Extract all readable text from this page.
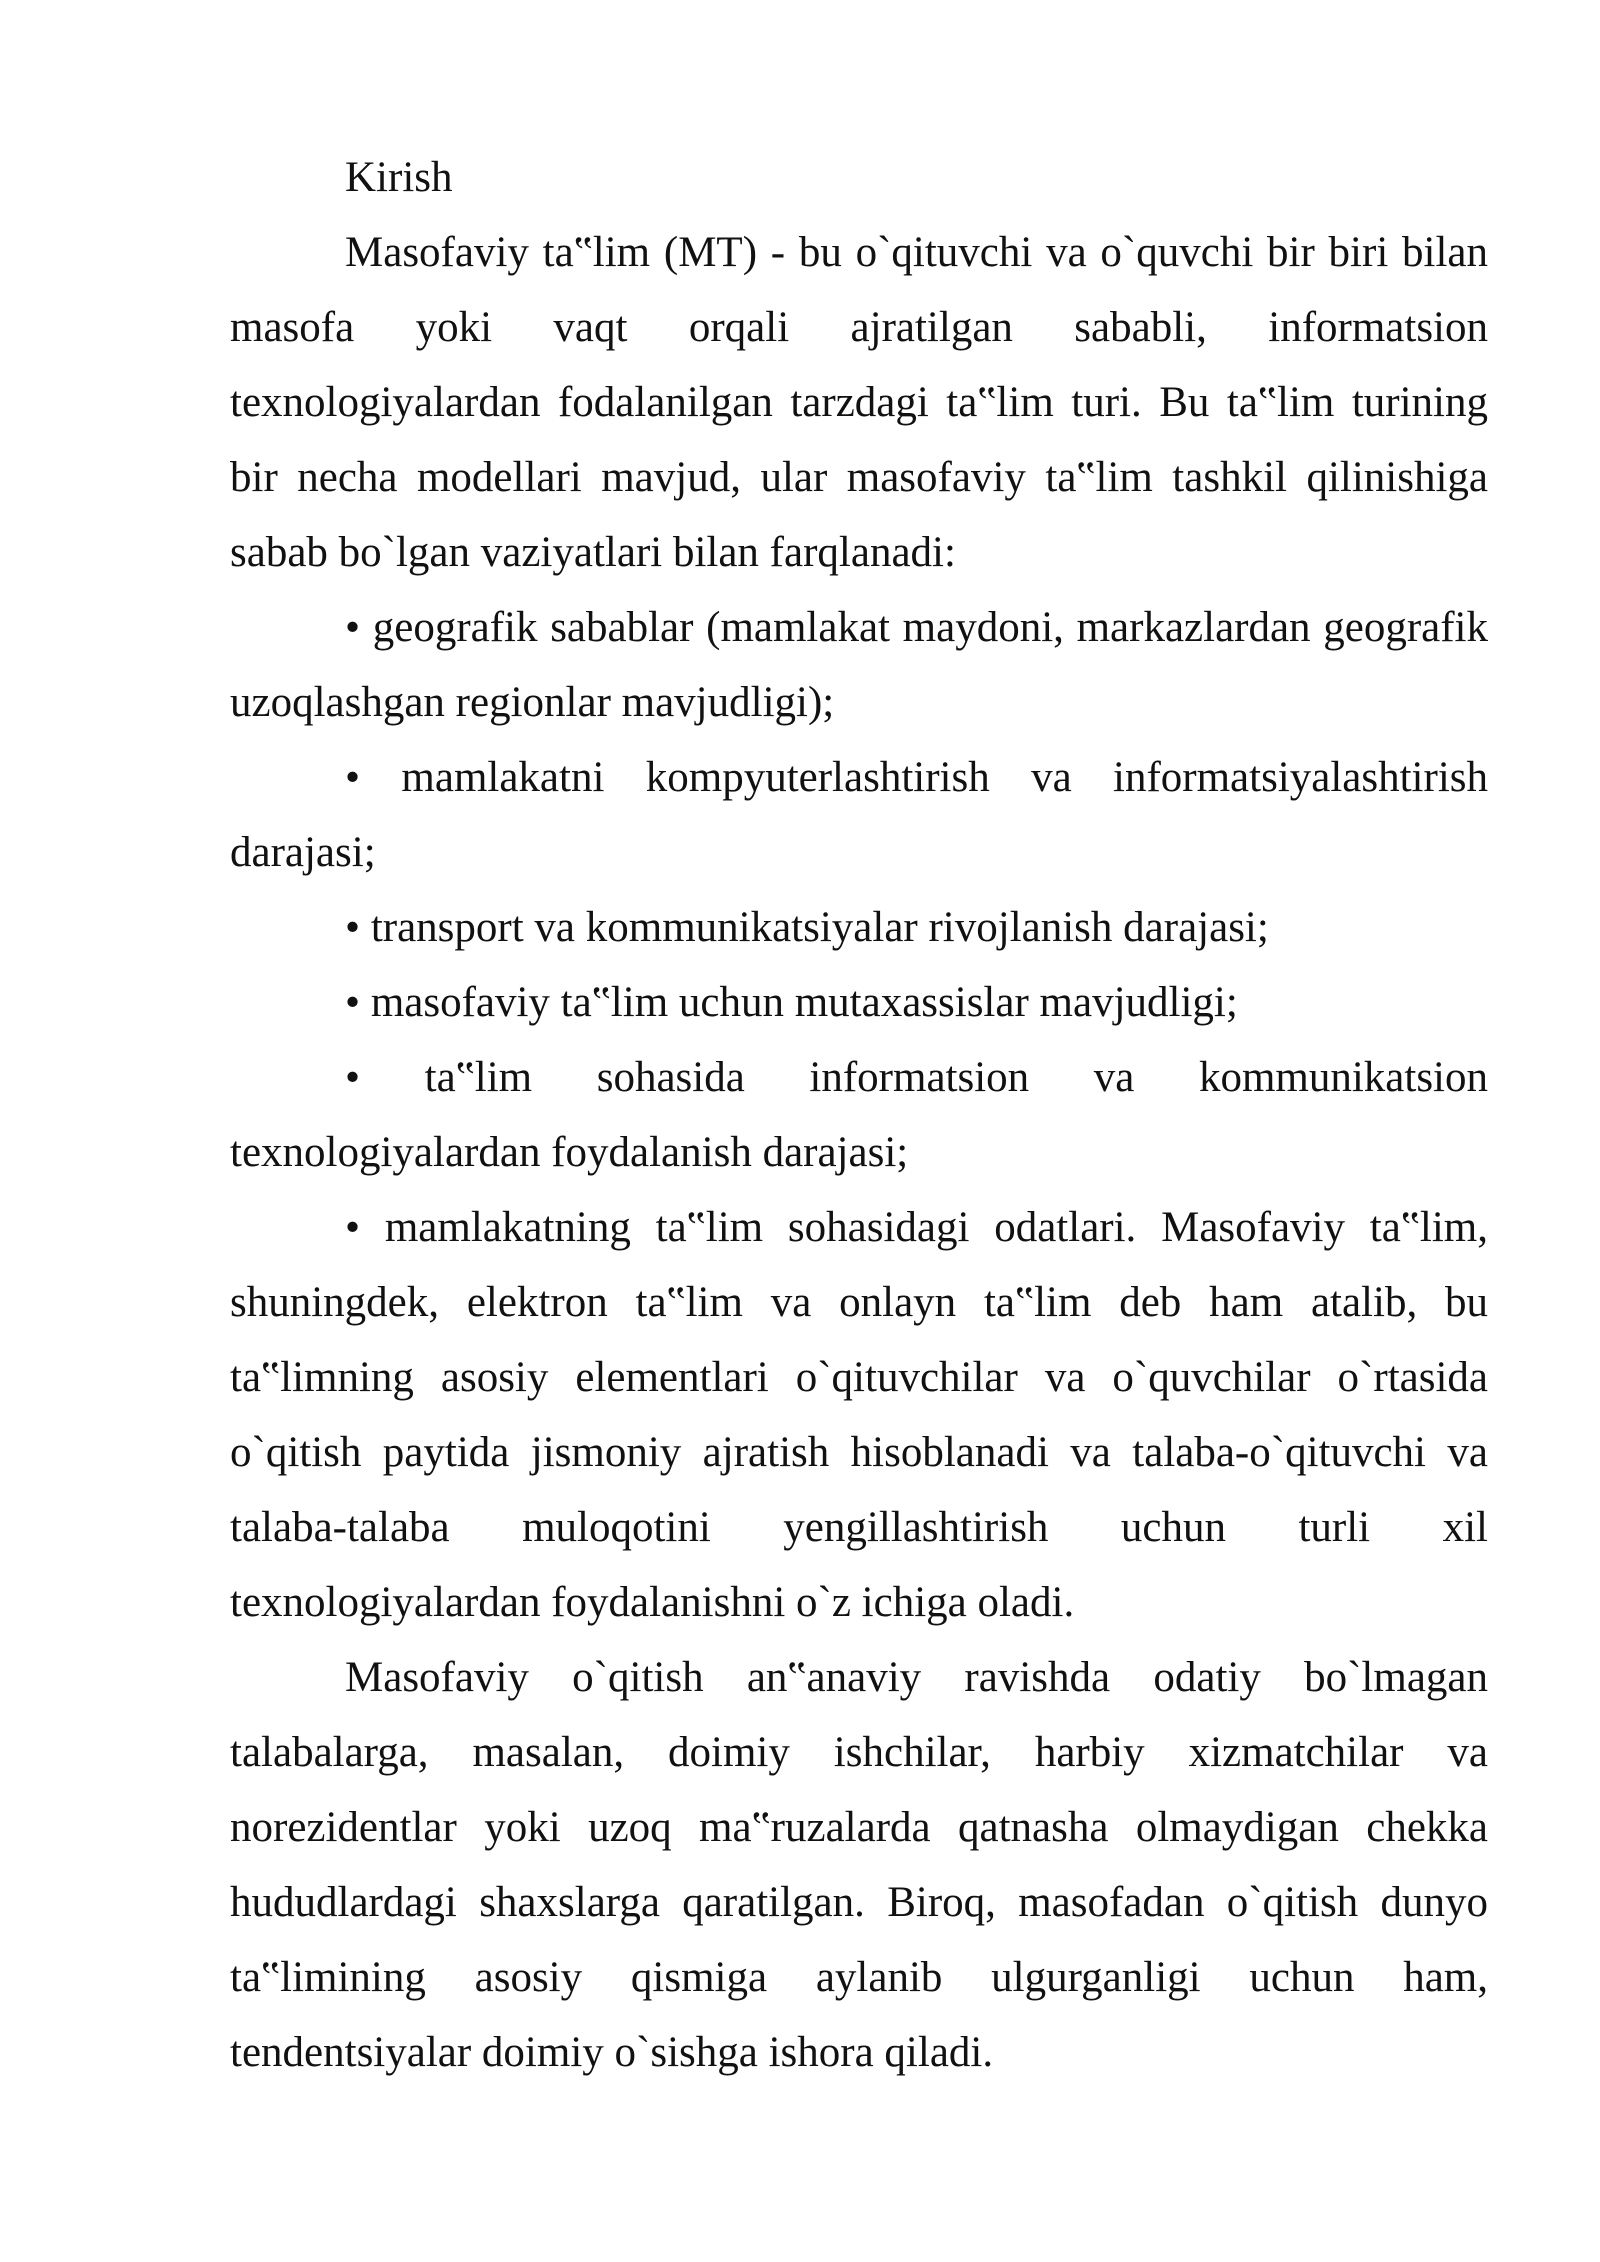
Kirish

Masofaviy ta‟lim (MT) - bu o`qituvchi va o`quvchi bir biri bilan masofa yoki vaqt orqali ajratilgan sababli, informatsion texnologiyalardan fodalanilgan tarzdagi ta‟lim turi. Bu ta‟lim turining bir necha modellari mavjud, ular masofaviy ta‟lim tashkil qilinishiga sabab bo`lgan vaziyatlari bilan farqlanadi:

• geografik sabablar (mamlakat maydoni, markazlardan geografik uzoqlashgan regionlar mavjudligi);

• mamlakatni kompyuterlashtirish va informatsiyalashtirish darajasi;

• transport va kommunikatsiyalar rivojlanish darajasi;

• masofaviy ta‟lim uchun mutaxassislar mavjudligi;

• ta‟lim sohasida informatsion va kommunikatsion texnologiyalardan foydalanish darajasi;

• mamlakatning ta‟lim sohasidagi odatlari. Masofaviy ta‟lim, shuningdek, elektron ta‟lim va onlayn ta‟lim deb ham atalib, bu ta‟limning asosiy elementlari o`qituvchilar va o`quvchilar o`rtasida o`qitish paytida jismoniy ajratish hisoblanadi va talaba-o`qituvchi va talaba-talaba muloqotini yengillashtirish uchun turli xil texnologiyalardan foydalanishni o`z ichiga oladi.

Masofaviy o`qitish an‟anaviy ravishda odatiy bo`lmagan talabalarga, masalan, doimiy ishchilar, harbiy xizmatchilar va norezidentlar yoki uzoq ma‟ruzalarda qatnasha olmaydigan chekka hududlardagi shaxslarga qaratilgan. Biroq, masofadan o`qitish dunyo ta‟limining asosiy qismiga aylanib ulgurganligi uchun ham, tendentsiyalar doimiy o`sishga ishora qiladi.
